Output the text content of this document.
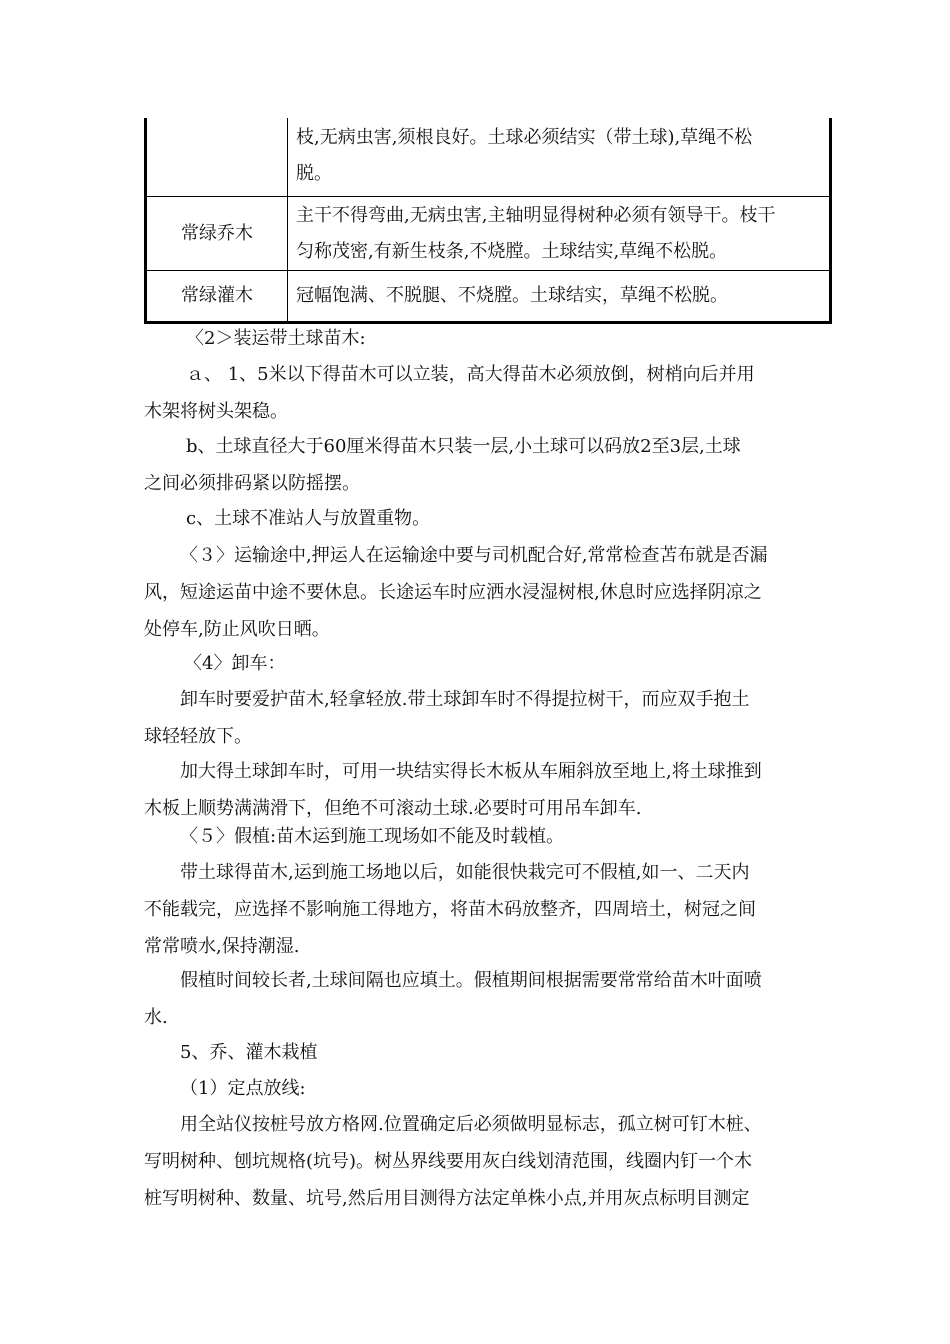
	枝,无病虫害,须根良好。土球必须结实（带土球),草绳不松
脱。

常绿乔木	主干不得弯曲,无病虫害,主轴明显得树种必须有领导干。枝干
匀称茂密,有新生枝条,不烧膛。土球结实,草绳不松脱。

常绿灌木	冠幅饱满、不脱腿、不烧膛。土球结实，草绳不松脱。

〈2＞装运带土球苗木:

ａ、 1、5米以下得苗木可以立装，高大得苗木必须放倒，树梢向后并用
木架将树头架稳。

b、土球直径大于60厘米得苗木只装一层,小土球可以码放2至3层,土球
之间必须排码紧以防摇摆。

c、土球不准站人与放置重物。

〈３〉运输途中,押运人在运输途中要与司机配合好,常常检查苫布就是否漏
风，短途运苗中途不要休息。长途运车时应洒水浸湿树根,休息时应选择阴凉之
处停车,防止风吹日晒。

〈4〉卸车：

卸车时要爱护苗木,轻拿轻放.带土球卸车时不得提拉树干，而应双手抱土
球轻轻放下。

加大得土球卸车时，可用一块结实得长木板从车厢斜放至地上,将土球推到
木板上顺势满满滑下，但绝不可滚动土球.必要时可用吊车卸车.

〈５〉假植:苗木运到施工现场如不能及时载植。

带土球得苗木,运到施工场地以后，如能很快栽完可不假植,如一、二天内
不能载完，应选择不影响施工得地方，将苗木码放整齐，四周培土，树冠之间
常常喷水,保持潮湿.

假植时间较长者,土球间隔也应填土。假植期间根据需要常常给苗木叶面喷
水.

5、乔、灌木栽植

（1）定点放线:

用全站仪按桩号放方格网.位置确定后必须做明显标志，孤立树可钉木桩、
写明树种、刨坑规格(坑号)。树丛界线要用灰白线划清范围，线圈内钉一个木
桩写明树种、数量、坑号,然后用目测得方法定单株小点,并用灰点标明目测定
